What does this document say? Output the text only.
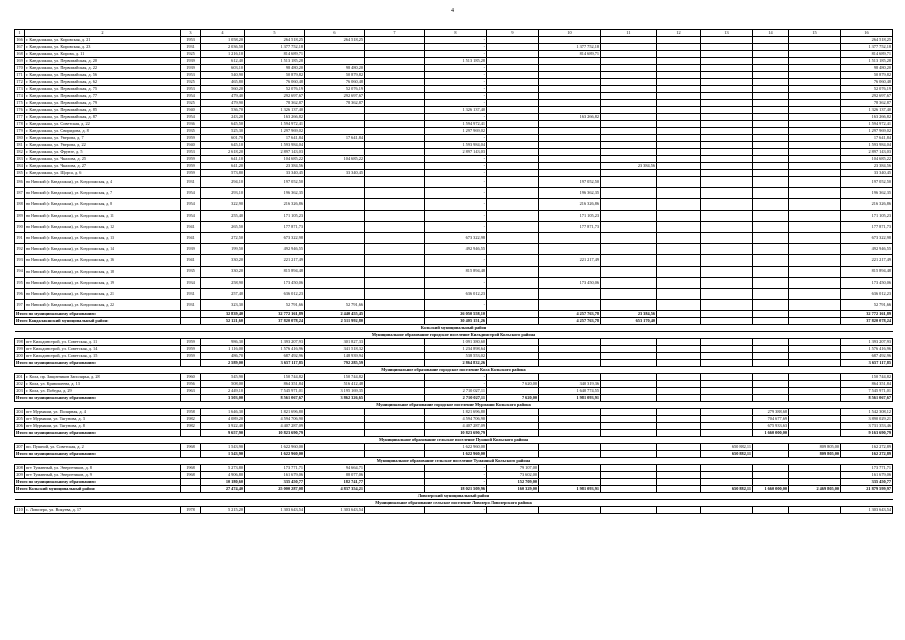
4
1	2	3	4	5	6	7	8	9	10	11	12	13	14	15	16
166	г. Кандалакша, ул. Кировская, д. 21	1953	1 058,20	264 518,25	264 518,25		-								264 518,25
167	г. Кандалакша, ул. Кировская, д. 23	1931	2 036,50	1 377 752,18			-		1 377 752,18						1 377 752,18
168	г. Кандалакша, ул. Кирова, д. 11	1925	1 216,10	814 689,71			-		814 689,71						814 689,71
169	г. Кандалакша, ул. Первомайская, д. 20	1939	612,40	1 513 185,28			1 513 185,28								1 513 185,28
170	г. Кандалакша, ул. Первомайская, д. 22	1939	603,10	98 480,20	98 480,20		-								98 480,20
171	г. Кандалакша, ул. Первомайская, д. 56	1953	540,90	50 879,82	50 879,82		-								50 879,82
172	г. Кандалакша, ул. Первомайская, д. 62	1925	465,80	76 060,48	76 060,48		-								76 060,48
173	г. Кандалакша, ул. Первомайская, д. 75	1953	560,20	52 076,19	52 076,19		-								52 076,19
174	г. Кандалакша, ул. Первомайская, д. 77	1954	479,40	292 697,67	292 697,67		-								292 697,67
175	г. Кандалакша, ул. Первомайская, д. 79	1925	479,90	78 362,87	78 362,87		-								78 362,87
176	г. Кандалакша, ул. Первомайская, д. 85	1940	536,70	1 326 137,40			1 326 137,40								1 326 137,40
177	г. Кандалакша, ул. Первомайская, д. 87	1954	243,20	163 266,82			-		163 266,82						163 266,82
178	г. Кандалакша, ул. Советская, д. 22	1936	645,50	1 594 972,41			1 594 972,41								1 594 972,41
179	г. Кандалакша, ул. Свиридова, д. 8	1935	525,30	1 297 969,02			1 297 969,02								1 297 969,02
180	г. Кандалакша, ул. Уверова, д. 7	1959	601,70	17 641,84	17 641,84		-								17 641,84
181	г. Кандалакша, ул. Уверова, д. 22	1940	645,10	1 593 984,04			1 593 984,04								1 593 984,04
182	г. Кандалакша, ул. Фрунзе, д. 5	1953	2 618,20	2 897 143,03			2 897 143,03								2 897 143,03
183	г. Кандалакша, ул. Чкалова, д. 25	1959	641,10	104 685,22	104 685,22		-								104 685,22
184	г. Кандалакша, ул. Чкалова, д. 27	1959	641,20	23 384,56			-			23 384,56					23 384,56
185	г. Кандалакша, ул. Щорса, д. 6	1959	573,80	33 340,45	33 340,45		-								33 340,45
186	нп Нивский (г. Кандалакша), ул. Кондопожская, д. 4	1931	294,10	197 052,50			-		197 052,50						197 052,50
187	нп Нивский (г. Кандалакша), ул. Кондопожская, д. 7	1954	293,10	196 362,35			-		196 362,35						196 362,35
188	нп Нивский (г. Кандалакша), ул. Кондопожская, д. 8	1954	322,90	216 326,86			-		216 326,86						216 326,86
189	нп Нивский (г. Кандалакша), ул. Кондопожская, д. 11	1954	255,40	171 105,23			-		171 105,23						171 105,23
190	нп Нивский (г. Кандалакша), ул. Кондопожская, д. 12	1941	265,50	177 871,73			-		177 871,73						177 871,73
191	нп Нивский (г. Кандалакша), ул. Кондопожская, д. 13	1941	272,50	673 322,98			673 322,98								673 322,98
192	нп Нивский (г. Кандалакша), ул. Кондопожская, д. 14	1939	199,50	492 946,55			492 946,55								492 946,55
193	нп Нивский (г. Кандалакша), ул. Кондопожская, д. 16	1941	330,20	221 217,49			-		221 217,49						221 217,49
194	нп Нивский (г. Кандалакша), ул. Кондопожская, д. 18	1935	330,20	815 894,48			815 894,48								815 894,48
195	нп Нивский (г. Кандалакша), ул. Кондопожская, д. 19	1934	258,90	173 450,06			-		173 450,06						173 450,06
196	нп Нивский (г. Кандалакша), ул. Кондопожская, д. 21	1931	257,40	636 012,23			636 012,23								636 012,23
197	нп Нивский (г. Кандалакша), ул. Кондопожская, д. 22	1931	323,30	52 791,66	52 791,66		-								52 791,66
Итого по муниципальному образованию:			32 839,40	32 772 161,89	2 440 455,45		26 050 558,10		4 257 763,78	23 384,56					32 772 161,89
Итого Кандалакшский муниципальный район:			52 121,60	37 820 078,24	2 511 992,80		30 405 151,26		4 257 763,78	653 170,40					37 820 078,24
Кольский муниципальный район															
Муниципальное образование городское поселение Кильдинстрой Кольского района															
198	пгт Кильдинстрой, ул. Советская, д. 11	1959	986,30	1 393 207,93	301 827,33		1 091 380,60								1 393 207,93
199	пгт Кильдинстрой, ул. Советская, д. 14	1959	1 116,00	1 576 416,96	341 518,32		1 234 898,64								1 576 416,96
200	пгт Кильдинстрой, ул. Советская, д. 15	1959	486,70	687 492,96	148 939,94		538 553,02								687 492,96
Итого по муниципальному образованию:			2 589,00	3 657 117,85	792 285,59		2 864 832,26								3 657 117,85
Муниципальное образование городское поселение Кола Кольского района															
201	г. Кола, пр. Защитников Заполярья, д. 28	1960	545,90	150 744,82	150 744,82		-								150 744,82
202	г. Кола, ул. Кривошеева, д. 13	1956	508,00	864 351,84	516 412,48		-	7 620,00	340 319,36						864 351,84
203	г. Кола, ул. Победы, д. 29	1963	2 449,10	7 545 971,01	3 195 169,35		2 710 027,11		1 640 774,55						7 545 971,01
Итого по муниципальному образованию:			3 503,00	8 561 067,67	3 862 326,65		2 710 027,11	7 620,00	1 981 093,91						8 561 067,67
Муниципальное образование городское поселение Мурмаши Кольского района															
204	пгт Мурмаши, ул. Полярная, д. 4	1958	1 646,30	1 821 696,80			1 821 696,80						279 388,68		1 542 308,12
205	пгт Мурмаши, ул. Тягунова, д. 3	1982	4 089,20	4 594 706,90			4 594 706,90						704 677,69		3 890 029,21
206	пгт Мурмаши, ул. Тягунова, д. 8	1982	3 922,40	4 407 287,09			4 407 287,09						675 933,63		3 731 353,46
Итого по муниципальному образованию:			9 657,90	10 823 690,79			10 823 690,79						1 660 000,00		9 163 690,79
Муниципальное образование сельское поселение Пушной Кольского района															
207	пп. Пушной, ул. Советская, д. 2	1968	1 543,90	1 622 960,00			1 622 960,00					650 882,11		809 805,00	162 272,89
Итого по муниципальному образованию:			1 543,90	1 622 960,00			1 622 960,00					650 882,11		809 805,00	162 272,89
Муниципальное образование сельское поселение Туманный Кольского района															
208	пгт Туманный, ул. Энергетиков, д. 8	1968	5 273,80	173 771,71	94 664,71		-	79 107,00							173 771,71
209	пгт Туманный, ул. Энергетиков, д. 9	1968	4 906,80	161 679,06	88 077,06		-	73 602,00							161 679,06
Итого по муниципальному образованию:			10 180,60	335 450,77	182 741,77		-	152 709,00							335 450,77
Итого Кольский муниципальный район:			27 474,40	25 000 287,08	4 837 354,21		18 021 509,96	160 329,00	1 981 093,91			650 882,11	1 660 000,00	2 469 805,00	21 879 599,97
Ловозерский муниципальный район															
Муниципальное образование сельское поселение Ловозеро Ловозерского района															
210	с. Ловозеро, ул. Вокуева, д. 17	1978	5 215,20	1 303 643,54	1 303 643,54		-								1 303 643,54
